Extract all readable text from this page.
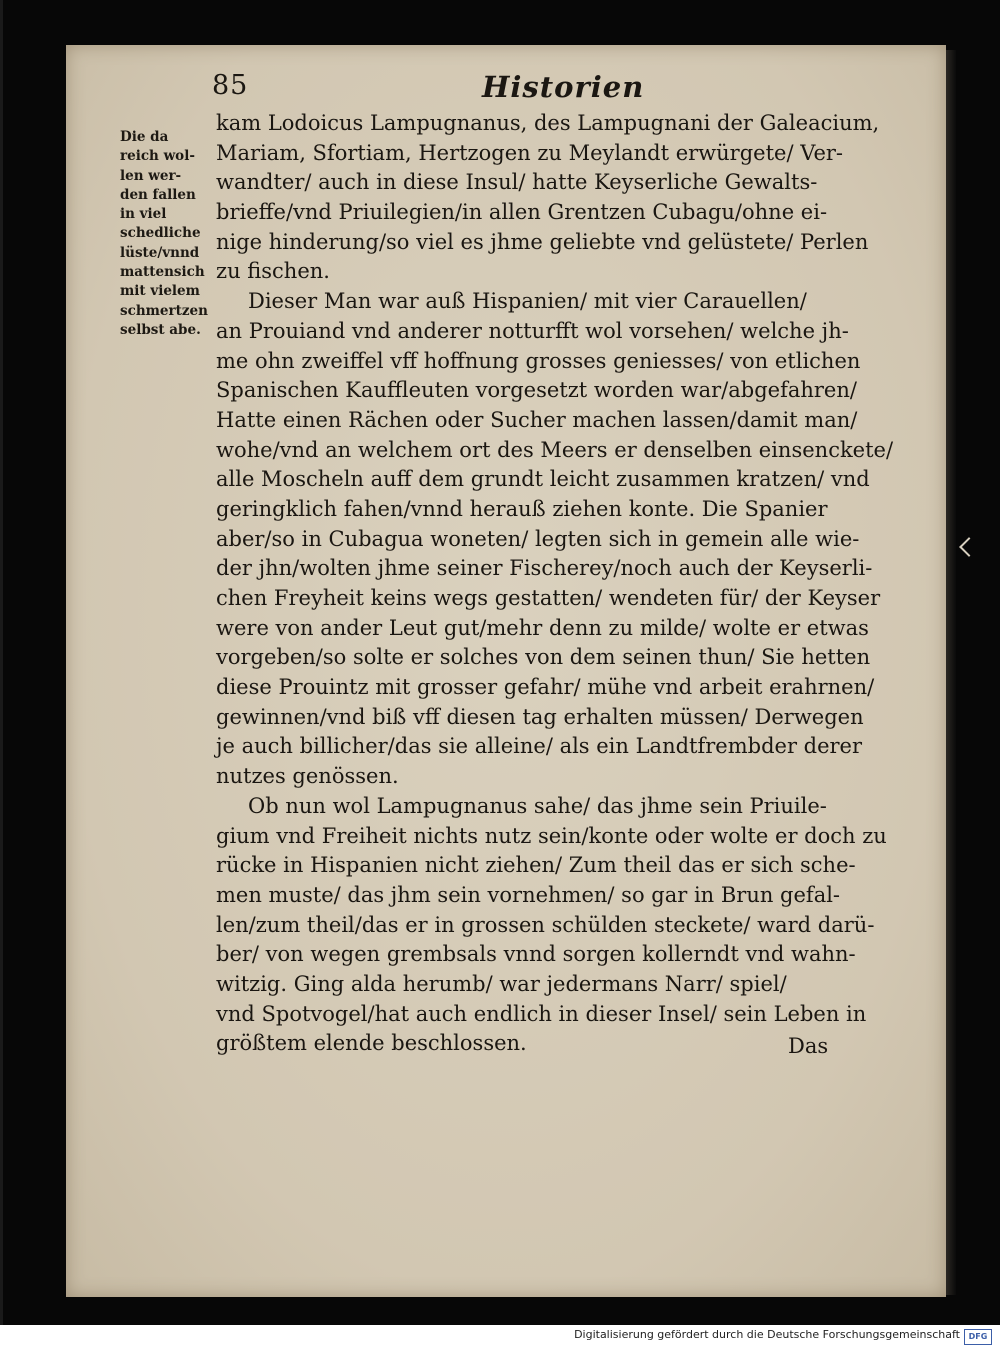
85	Historien
Die da
reich wol-
len wer-
den fallen
in viel
schedliche
lüste/vnnd
mattensich
mit vielem
schmertzen
selbst abe.
kam Lodoicus Lampugnanus, des Lampugnani der Galeacium,
Mariam, Sfortiam, Hertzogen zu Meylandt erwürgete/ Ver-
wandter/ auch in diese Insul/ hatte Keyserliche Gewalts-
brieffe/vnd Priuilegien/in allen Grentzen Cubagu/ohne ei-
nige hinderung/so viel es jhme geliebte vnd gelüstete/ Perlen
zu fischen.
Dieser Man war auß Hispanien/ mit vier Carauellen/
an Prouiand vnd anderer notturfft wol vorsehen/ welche jh-
me ohn zweiffel vff hoffnung grosses geniesses/ von etlichen
Spanischen Kauffleuten vorgesetzt worden war/abgefahren/
Hatte einen Rächen oder Sucher machen lassen/damit man/
wohe/vnd an welchem ort des Meers er denselben einsenckete/
alle Moscheln auff dem grundt leicht zusammen kratzen/ vnd
geringklich fahen/vnnd herauß ziehen konte. Die Spanier
aber/so in Cubagua woneten/ legten sich in gemein alle wie-
der jhn/wolten jhme seiner Fischerey/noch auch der Keyserli-
chen Freyheit keins wegs gestatten/ wendeten für/ der Keyser
were von ander Leut gut/mehr denn zu milde/ wolte er etwas
vorgeben/so solte er solches von dem seinen thun/ Sie hetten
diese Prouintz mit grosser gefahr/ mühe vnd arbeit erahrnen/
gewinnen/vnd biß vff diesen tag erhalten müssen/ Derwegen
je auch billicher/das sie alleine/ als ein Landtfrembder derer
nutzes genössen.
Ob nun wol Lampugnanus sahe/ das jhme sein Priuile-
gium vnd Freiheit nichts nutz sein/konte oder wolte er doch zu
rücke in Hispanien nicht ziehen/ Zum theil das er sich sche-
men muste/ das jhm sein vornehmen/ so gar in Brun gefal-
len/zum theil/das er in grossen schülden steckete/ ward darü-
ber/ von wegen grembsals vnnd sorgen kollerndt vnd wahn-
witzig. Ging alda herumb/ war jedermans Narr/ spiel/
vnd Spotvogel/hat auch endlich in dieser Insel/ sein Leben in
größtem elende beschlossen.	Das
Digitalisierung gefördert durch die Deutsche Forschungsgemeinschaft	DFG
